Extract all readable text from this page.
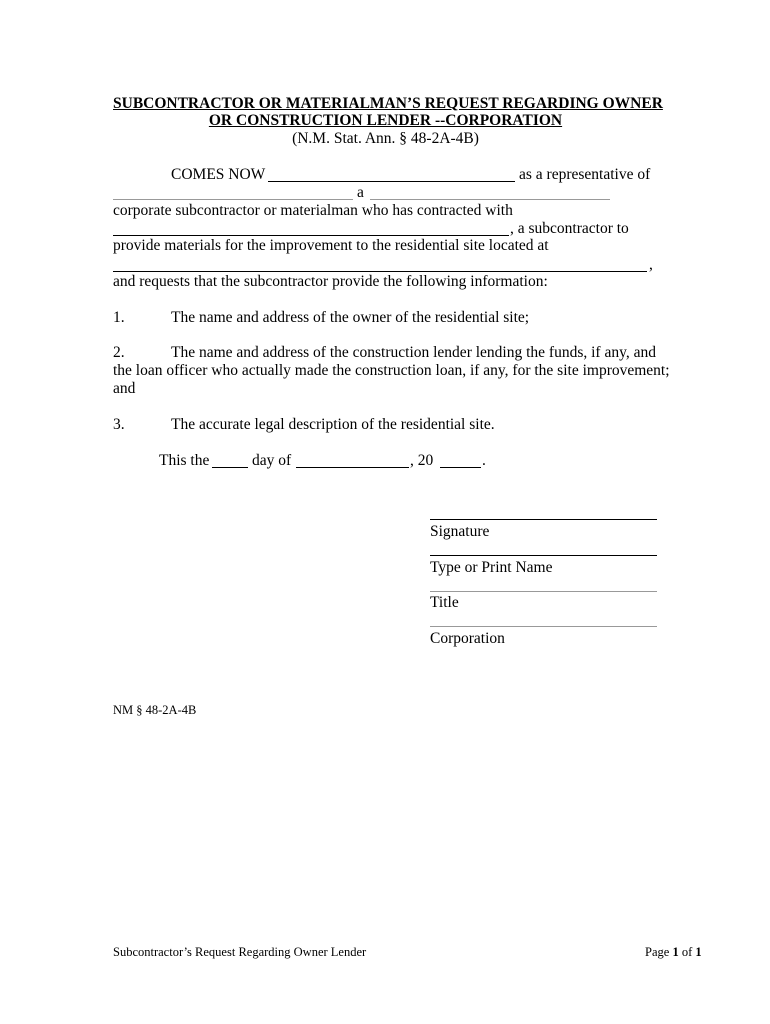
SUBCONTRACTOR OR MATERIALMAN’S REQUEST REGARDING OWNER
OR CONSTRUCTION LENDER --CORPORATION
(N.M. Stat. Ann. § 48-2A-4B)
COMES NOW	as a representative of
a
corporate subcontractor or materialman who has contracted with
, a subcontractor to
provide materials for the improvement to the residential site located at
,
and requests that the subcontractor provide the following information:
1.	The name and address of the owner of the residential site;
2.	The name and address of the construction lender lending the funds, if any, and
the loan officer who actually made the construction loan, if any, for the site improvement;
and
3.	The accurate legal description of the residential site.
This the	day of	, 20	.
Signature
Type or Print Name
Title
Corporation
NM § 48-2A-4B
Subcontractor’s Request Regarding Owner Lender	Page 1 of 1
